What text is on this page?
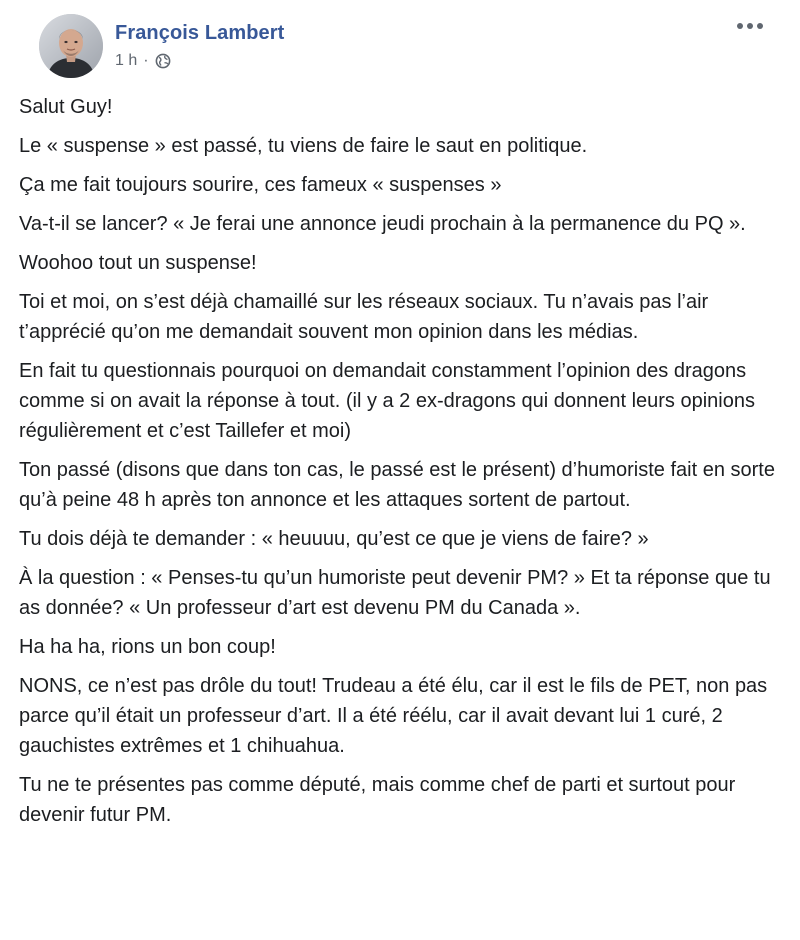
François Lambert
1 h ·

Salut Guy!

Le « suspense » est passé, tu viens de faire le saut en politique.

Ça me fait toujours sourire, ces fameux « suspenses »

Va-t-il se lancer? « Je ferai une annonce jeudi prochain à la permanence du PQ ».

Woohoo tout un suspense!

Toi et moi, on s’est déjà chamaillé sur les réseaux sociaux. Tu n’avais pas l’air t’apprécié qu’on me demandait souvent mon opinion dans les médias.

En fait tu questionnais pourquoi on demandait constamment l’opinion des dragons comme si on avait la réponse à tout. (il y a 2 ex-dragons qui donnent leurs opinions régulièrement et c’est Taillefer et moi)

Ton passé (disons que dans ton cas, le passé est le présent) d’humoriste fait en sorte qu’à peine 48 h après ton annonce et les attaques sortent de partout.

Tu dois déjà te demander : « heuuuu, qu’est ce que je viens de faire? »

À la question : « Penses-tu qu’un humoriste peut devenir PM? » Et ta réponse que tu as donnée? « Un professeur d’art est devenu PM du Canada ».

Ha ha ha, rions un bon coup!

NONS, ce n’est pas drôle du tout! Trudeau a été élu, car il est le fils de PET, non pas parce qu’il était un professeur d’art. Il a été réélu, car il avait devant lui 1 curé, 2 gauchistes extrêmes et 1 chihuahua.

Tu ne te présentes pas comme député, mais comme chef de parti et surtout pour devenir futur PM.
